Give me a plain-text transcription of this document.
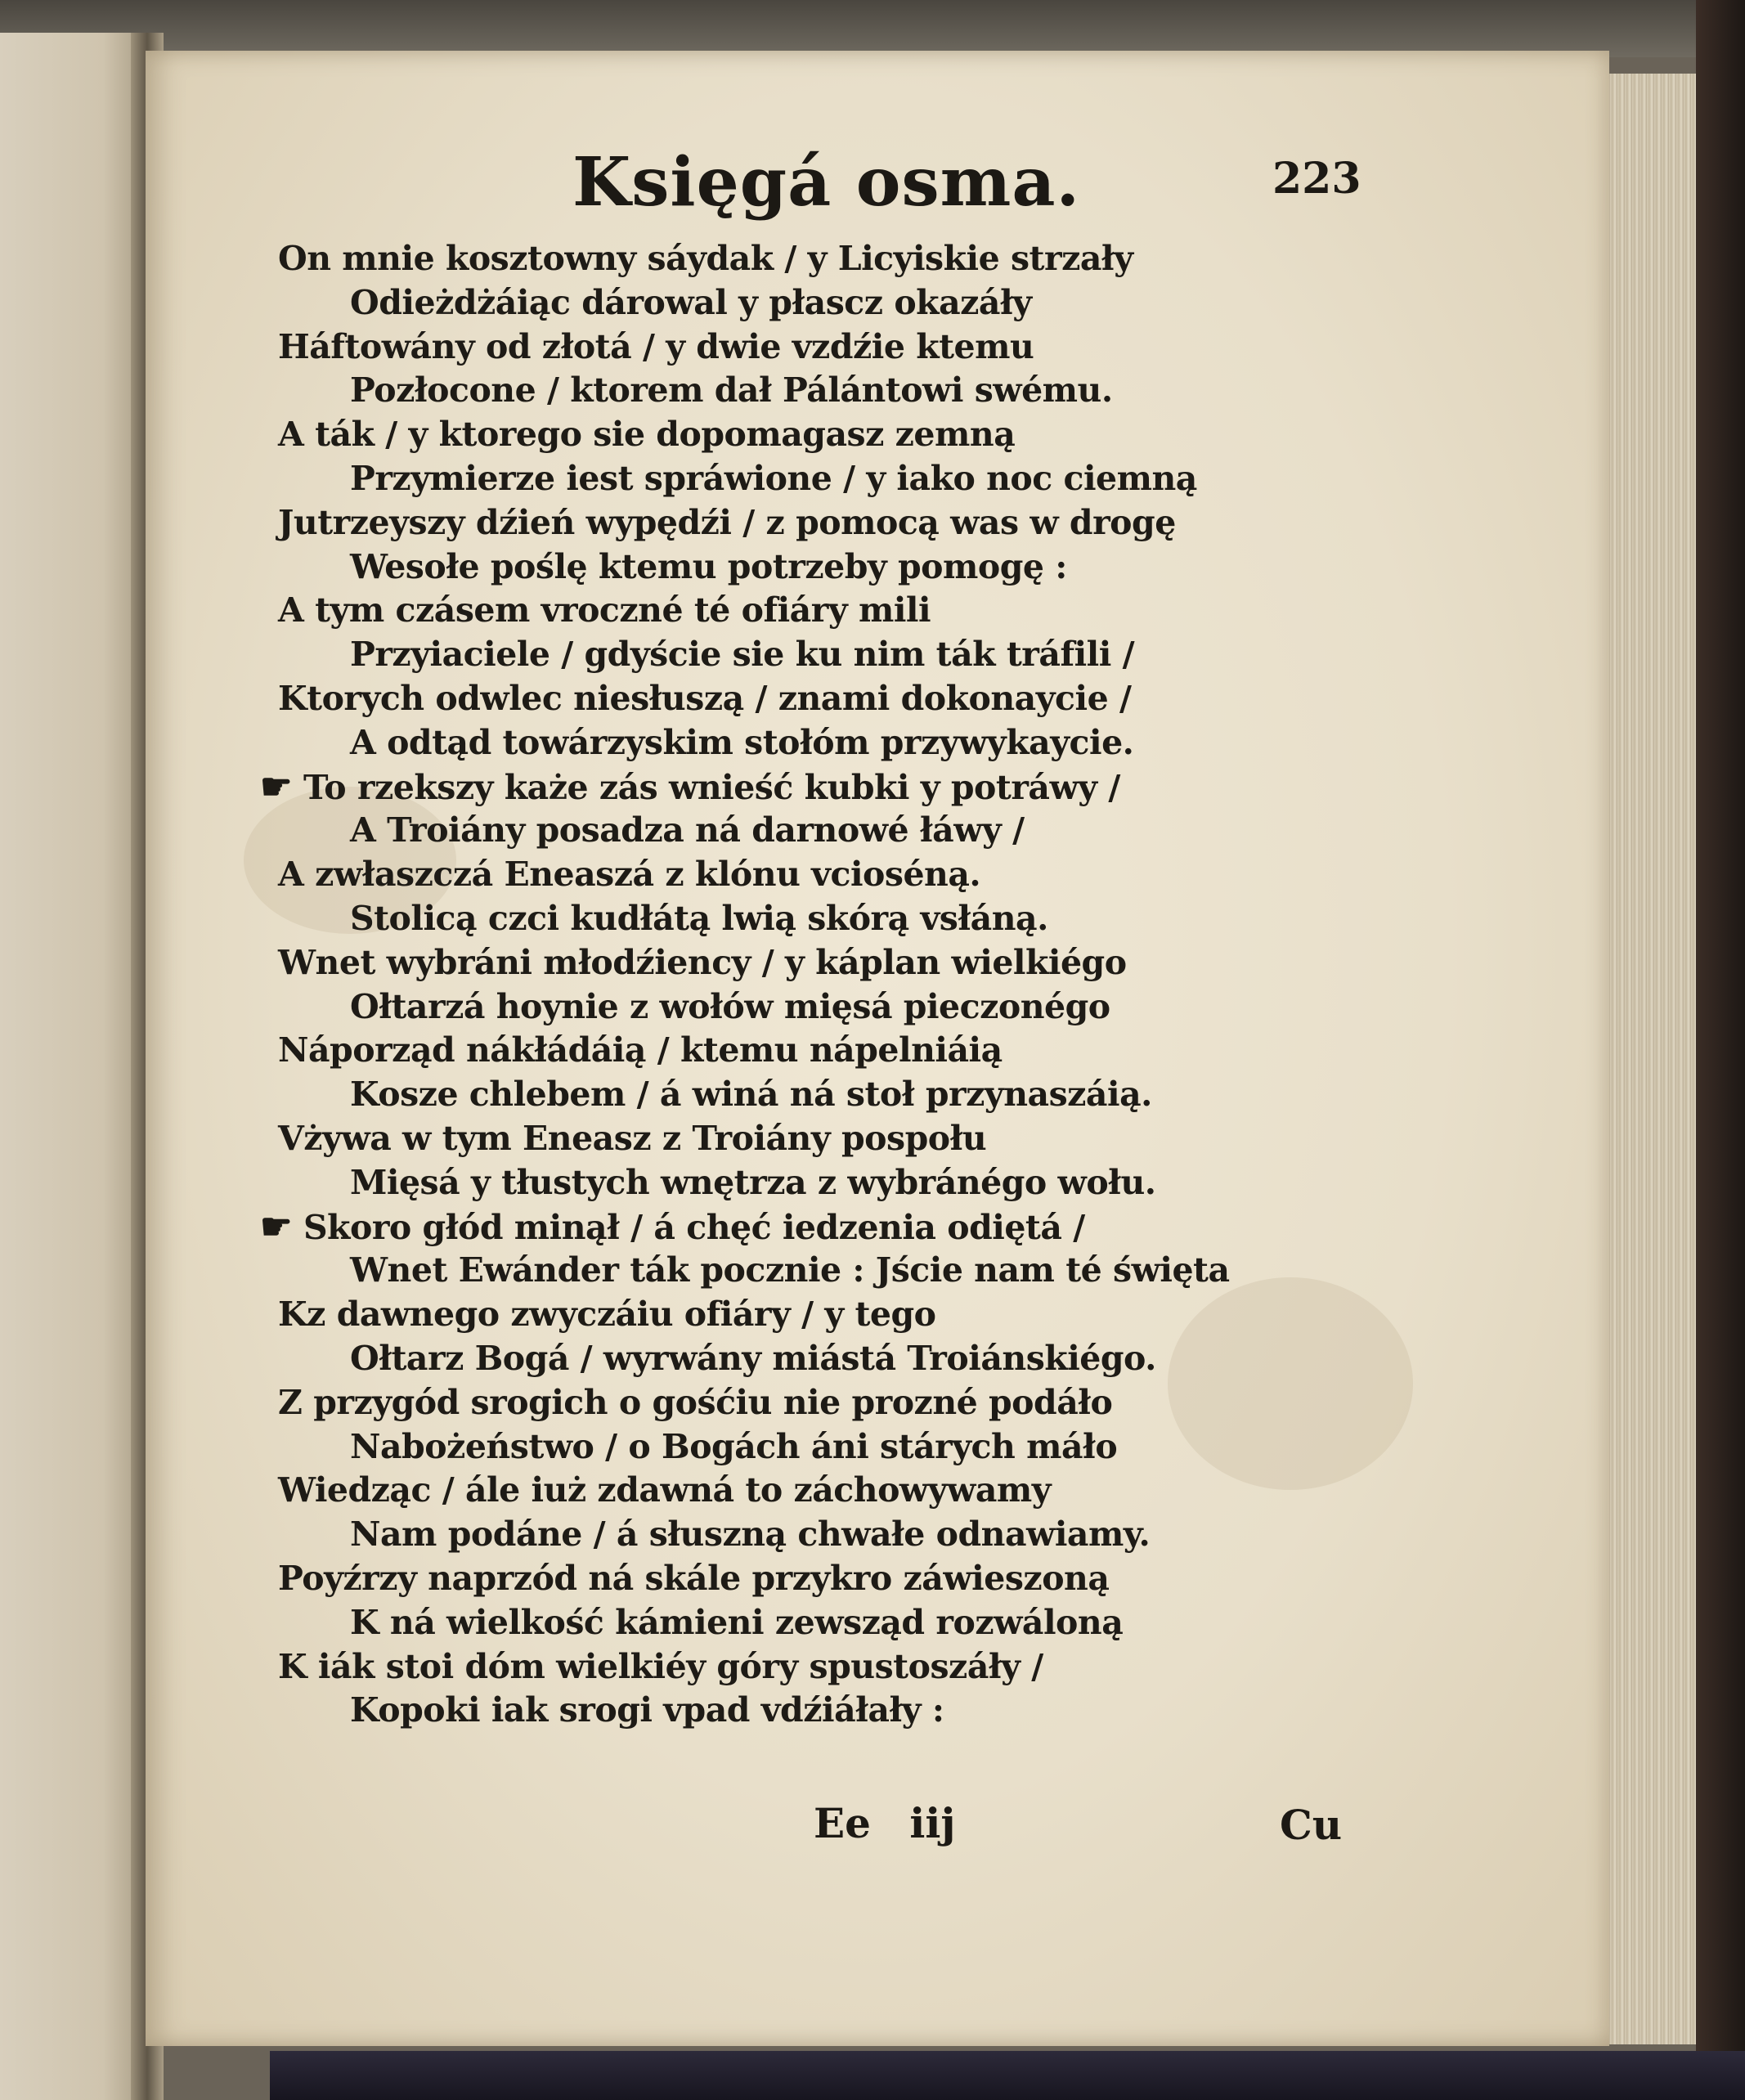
Księgá osma.	223
On mnie kosztowny sáydak / y Licyiskie strzały
Odieżdżáiąc dárowal y płascz okazáły
Háftowány od złotá / y dwie vzdźie ktemu
Pozłocone / ktorem dał Pálántowi swému.
A ták / y ktorego sie dopomagasz zemną
Przymierze iest spráwione / y iako noc ciemną
Jutrzeyszy dźień wypędźi / z pomocą was w drogę
Wesołe poślę ktemu potrzeby pomogę :
A tym czásem vroczné té ofiáry mili
Przyiaciele / gdyście sie ku nim ták tráfili /
Ktorych odwlec niesłuszą / znami dokonaycie /
A odtąd towárzyskim stołóm przywykaycie.
☛ To rzekszy każe zás wnieść kubki y potráwy /
A Troiány posadza ná darnowé łáwy /
A zwłaszczá Eneaszá z klónu vcioséną.
Stolicą czci kudłátą lwią skórą vsłáną.
Wnet wybráni młodźiency / y káplan wielkiégo
Ołtarzá hoynie z wołów mięsá pieczonégo
Náporząd nákłádáią / ktemu nápelniáią
Kosze chlebem / á winá ná stoł przynaszáią.
Vżywa w tym Eneasz z Troiány pospołu
Mięsá y tłustych wnętrza z wybránégo wołu.
☛ Skoro głód minął / á chęć iedzenia odiętá /
Wnet Ewánder ták pocznie : Jście nam té święta
Kz dawnego zwyczáiu ofiáry / y tego
Ołtarz Bogá / wyrwány miástá Troiánskiégo.
Z przygód srogich o gośćiu nie prozné podáło
Nabożeństwo / o Bogách áni stárych máło
Wiedząc / ále iuż zdawná to záchowywamy
Nam podáne / á słuszną chwałe odnawiamy.
Poyźrzy naprzód ná skále przykro záwieszoną
K ná wielkość kámieni zewsząd rozwáloną
K iák stoi dóm wielkiéy góry spustoszáły /
Kopoki iak srogi vpad vdźiáłały :
Ee iij	Cu
